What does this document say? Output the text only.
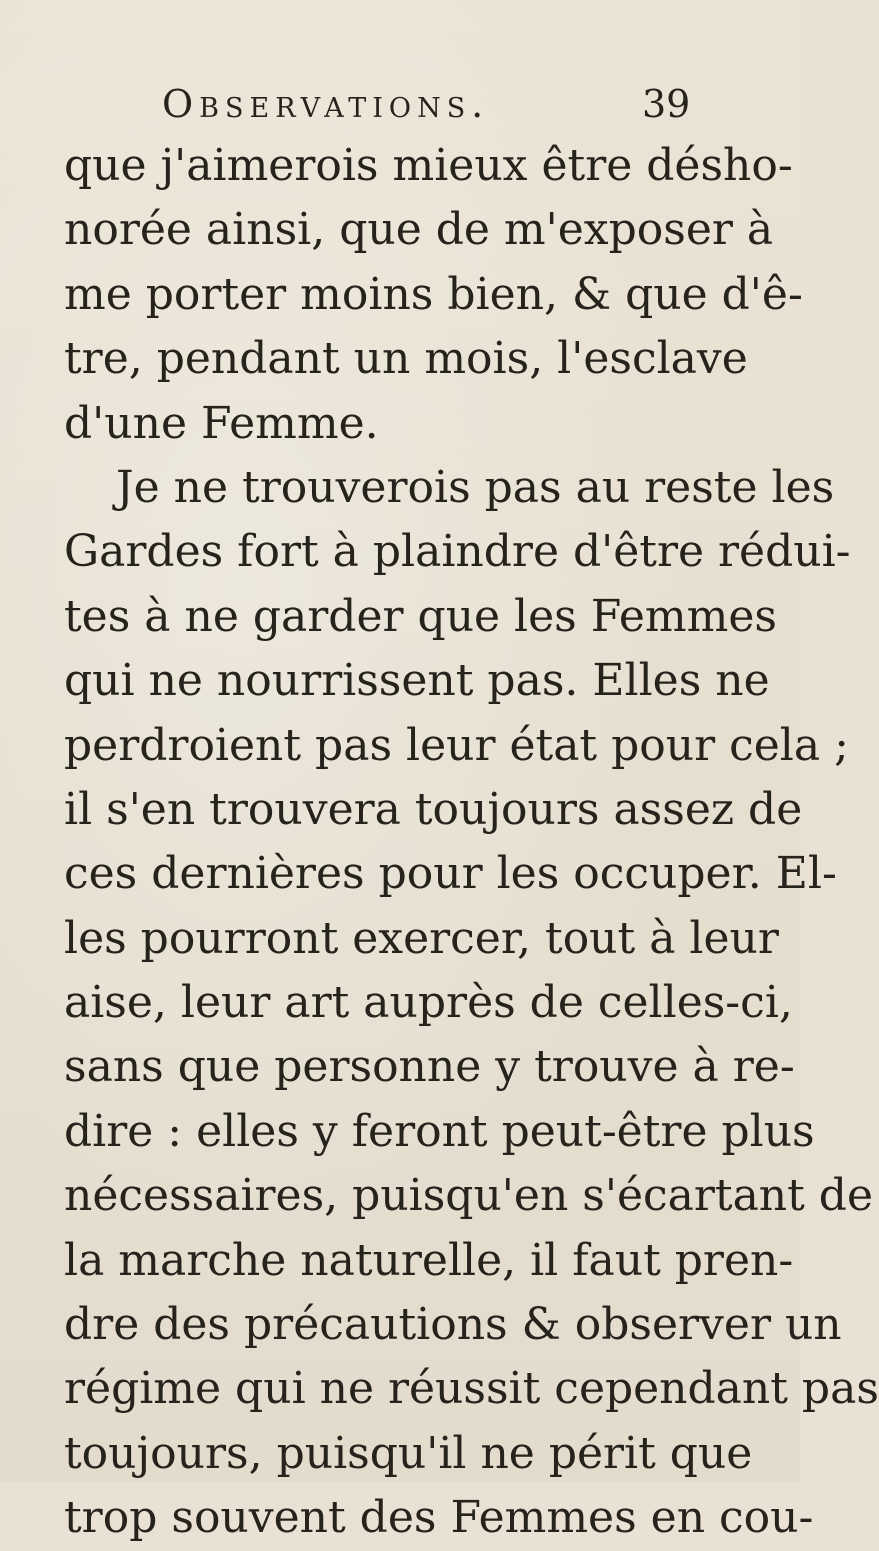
Observations.	39
que j'aimerois mieux être désho-
norée ainsi, que de m'exposer à
me porter moins bien, & que d'ê-
tre, pendant un mois, l'esclave
d'une Femme.
Je ne trouverois pas au reste les
Gardes fort à plaindre d'être rédui-
tes à ne garder que les Femmes
qui ne nourrissent pas. Elles ne
perdroient pas leur état pour cela ;
il s'en trouvera toujours assez de
ces dernières pour les occuper. El-
les pourront exercer, tout à leur
aise, leur art auprès de celles-ci,
sans que personne y trouve à re-
dire : elles y feront peut-être plus
nécessaires, puisqu'en s'écartant de
la marche naturelle, il faut pren-
dre des précautions & observer un
régime qui ne réussit cependant pas
toujours, puisqu'il ne périt que
trop souvent des Femmes en cou-
